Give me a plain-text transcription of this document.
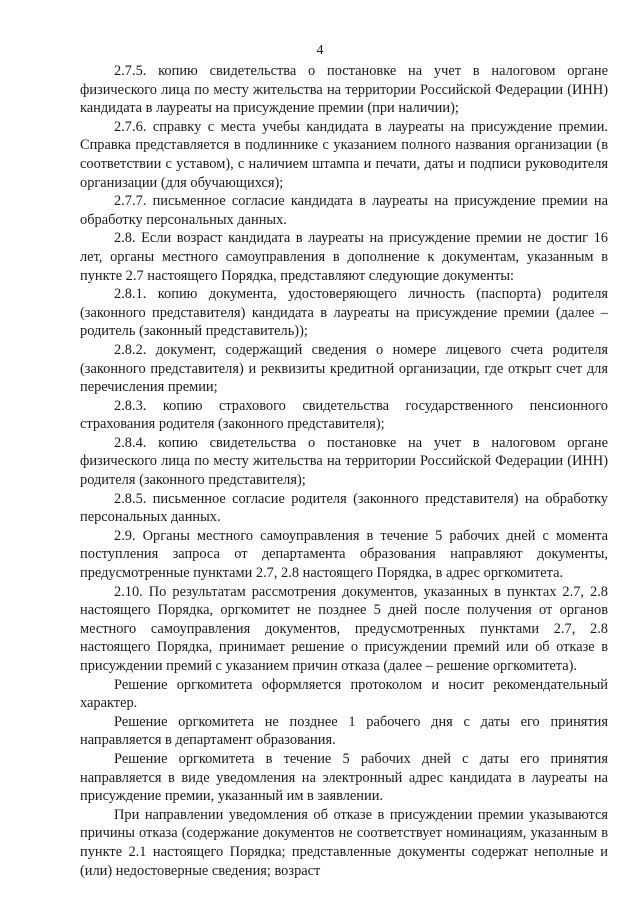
4

2.7.5. копию свидетельства о постановке на учет в налоговом органе физического лица по месту жительства на территории Российской Федерации (ИНН) кандидата в лауреаты на присуждение премии (при наличии);

2.7.6. справку с места учебы кандидата в лауреаты на присуждение премии. Справка представляется в подлиннике с указанием полного названия организации (в соответствии с уставом), с наличием штампа и печати, даты и подписи руководителя организации (для обучающихся);

2.7.7. письменное согласие кандидата в лауреаты на присуждение премии на обработку персональных данных.

2.8. Если возраст кандидата в лауреаты на присуждение премии не достиг 16 лет, органы местного самоуправления в дополнение к документам, указанным в пункте 2.7 настоящего Порядка, представляют следующие документы:

2.8.1. копию документа, удостоверяющего личность (паспорта) родителя (законного представителя) кандидата в лауреаты на присуждение премии (далее – родитель (законный представитель));

2.8.2. документ, содержащий сведения о номере лицевого счета родителя (законного представителя) и реквизиты кредитной организации, где открыт счет для перечисления премии;

2.8.3. копию страхового свидетельства государственного пенсионного страхования родителя (законного представителя);

2.8.4. копию свидетельства о постановке на учет в налоговом органе физического лица по месту жительства на территории Российской Федерации (ИНН) родителя (законного представителя);

2.8.5. письменное согласие родителя (законного представителя) на обработку персональных данных.

2.9. Органы местного самоуправления в течение 5 рабочих дней с момента поступления запроса от департамента образования направляют документы, предусмотренные пунктами 2.7, 2.8 настоящего Порядка, в адрес оргкомитета.

2.10. По результатам рассмотрения документов, указанных в пунктах 2.7, 2.8 настоящего Порядка, оргкомитет не позднее 5 дней после получения от органов местного самоуправления документов, предусмотренных пунктами 2.7, 2.8 настоящего Порядка, принимает решение о присуждении премий или об отказе в присуждении премий с указанием причин отказа (далее – решение оргкомитета).

Решение оргкомитета оформляется протоколом и носит рекомендательный характер.

Решение оргкомитета не позднее 1 рабочего дня с даты его принятия направляется в департамент образования.

Решение оргкомитета в течение 5 рабочих дней с даты его принятия направляется в виде уведомления на электронный адрес кандидата в лауреаты на присуждение премии, указанный им в заявлении.

При направлении уведомления об отказе в присуждении премии указываются причины отказа (содержание документов не соответствует номинациям, указанным в пункте 2.1 настоящего Порядка; представленные документы содержат неполные и (или) недостоверные сведения; возраст
